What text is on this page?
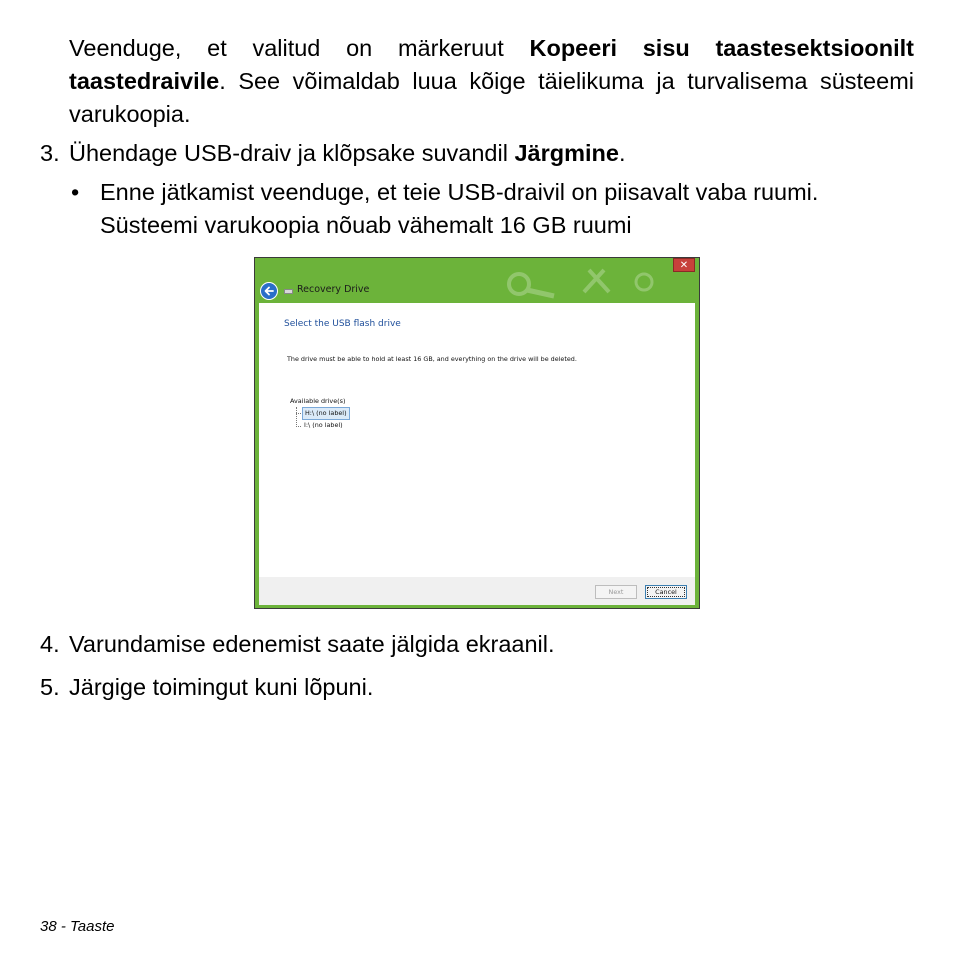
Veenduge, et valitud on märkeruut Kopeeri sisu taastesektsioonilt taastedraivile. See võimaldab luua kõige täielikuma ja turvalisema süsteemi varukoopia.
3. Ühendage USB-draiv ja klõpsake suvandil Järgmine.
• Enne jätkamist veenduge, et teie USB-draivil on piisavalt vaba ruumi. Süsteemi varukoopia nõuab vähemalt 16 GB ruumi
✕
Recovery Drive
Select the USB flash drive
The drive must be able to hold at least 16 GB, and everything on the drive will be deleted.
Available drive(s)
H:\ (no label)
I:\ (no label)
Next	Cancel
4. Varundamise edenemist saate jälgida ekraanil.
5. Järgige toimingut kuni lõpuni.
38 - Taaste
